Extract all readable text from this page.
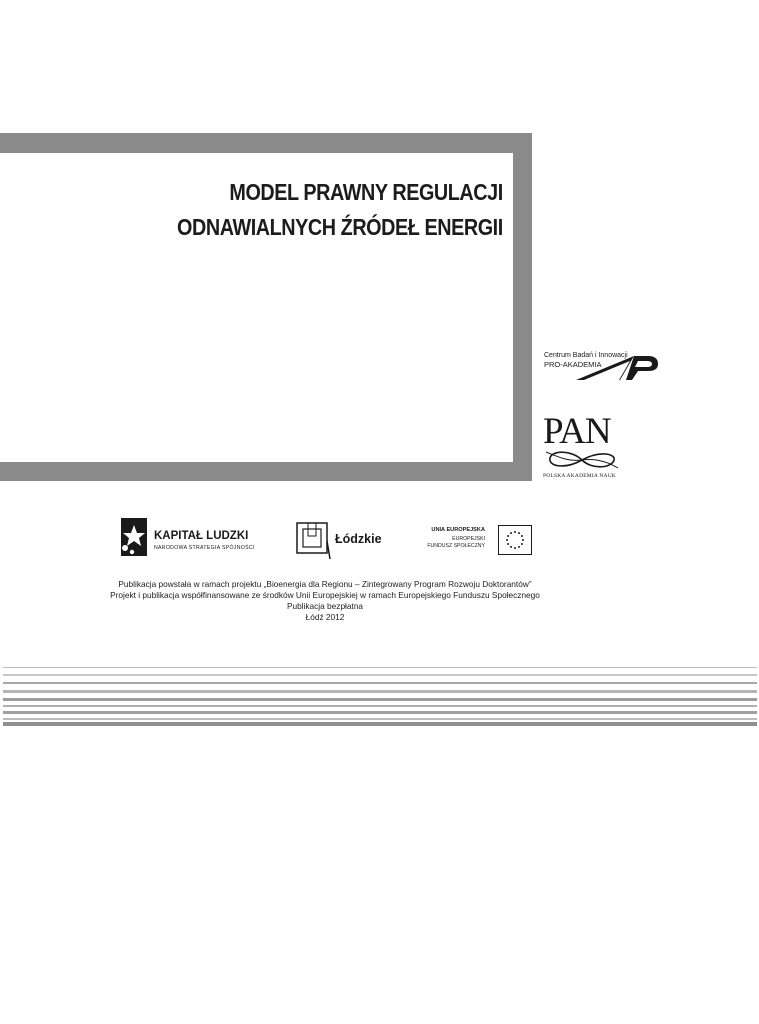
MODEL PRAWNY REGULACJI
ODNAWIALNYCH ŹRÓDEŁ ENERGII
Centrum Badań i Innowacji
PRO-AKADEMIA
PAN
POLSKA AKADEMIA NAUK
KAPITAŁ LUDZKI
NARODOWA STRATEGIA SPÓJNOŚCI
Łódzkie
UNIA EUROPEJSKA
EUROPEJSKI
FUNDUSZ SPOŁECZNY
Publikacja powstała w ramach projektu „Bioenergia dla Regionu – Zintegrowany Program Rozwoju Doktorantów”
Projekt i publikacja współfinansowane ze środków Unii Europejskiej w ramach Europejskiego Funduszu Społecznego
Publikacja bezpłatna
Łódź 2012
